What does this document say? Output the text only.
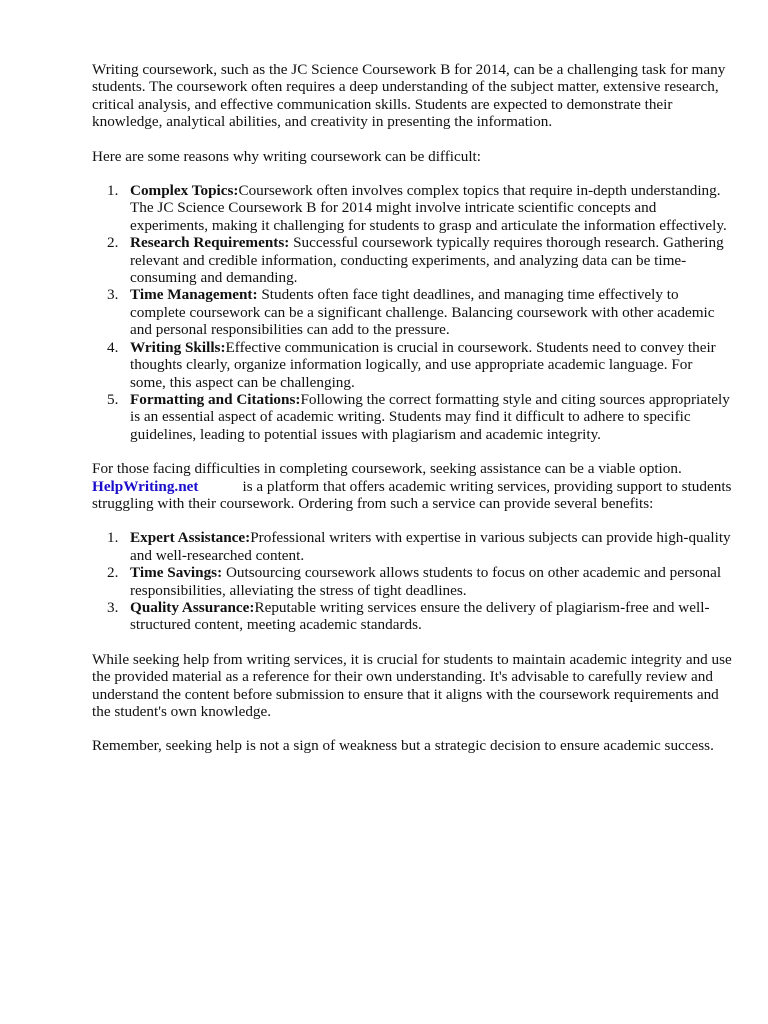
Writing coursework, such as the JC Science Coursework B for 2014, can be a challenging task for many students. The coursework often requires a deep understanding of the subject matter, extensive research, critical analysis, and effective communication skills. Students are expected to demonstrate their knowledge, analytical abilities, and creativity in presenting the information.

Here are some reasons why writing coursework can be difficult:

1. Complex Topics:Coursework often involves complex topics that require in-depth understanding. The JC Science Coursework B for 2014 might involve intricate scientific concepts and experiments, making it challenging for students to grasp and articulate the information effectively.
2. Research Requirements: Successful coursework typically requires thorough research. Gathering relevant and credible information, conducting experiments, and analyzing data can be time-consuming and demanding.
3. Time Management: Students often face tight deadlines, and managing time effectively to complete coursework can be a significant challenge. Balancing coursework with other academic and personal responsibilities can add to the pressure.
4. Writing Skills:Effective communication is crucial in coursework. Students need to convey their thoughts clearly, organize information logically, and use appropriate academic language. For some, this aspect can be challenging.
5. Formatting and Citations:Following the correct formatting style and citing sources appropriately is an essential aspect of academic writing. Students may find it difficult to adhere to specific guidelines, leading to potential issues with plagiarism and academic integrity.

For those facing difficulties in completing coursework, seeking assistance can be a viable option. HelpWriting.net	is a platform that offers academic writing services, providing support to students struggling with their coursework. Ordering from such a service can provide several benefits:

1. Expert Assistance:Professional writers with expertise in various subjects can provide high-quality and well-researched content.
2. Time Savings: Outsourcing coursework allows students to focus on other academic and personal responsibilities, alleviating the stress of tight deadlines.
3. Quality Assurance:Reputable writing services ensure the delivery of plagiarism-free and well-structured content, meeting academic standards.

While seeking help from writing services, it is crucial for students to maintain academic integrity and use the provided material as a reference for their own understanding. It's advisable to carefully review and understand the content before submission to ensure that it aligns with the coursework requirements and the student's own knowledge.

Remember, seeking help is not a sign of weakness but a strategic decision to ensure academic success.
